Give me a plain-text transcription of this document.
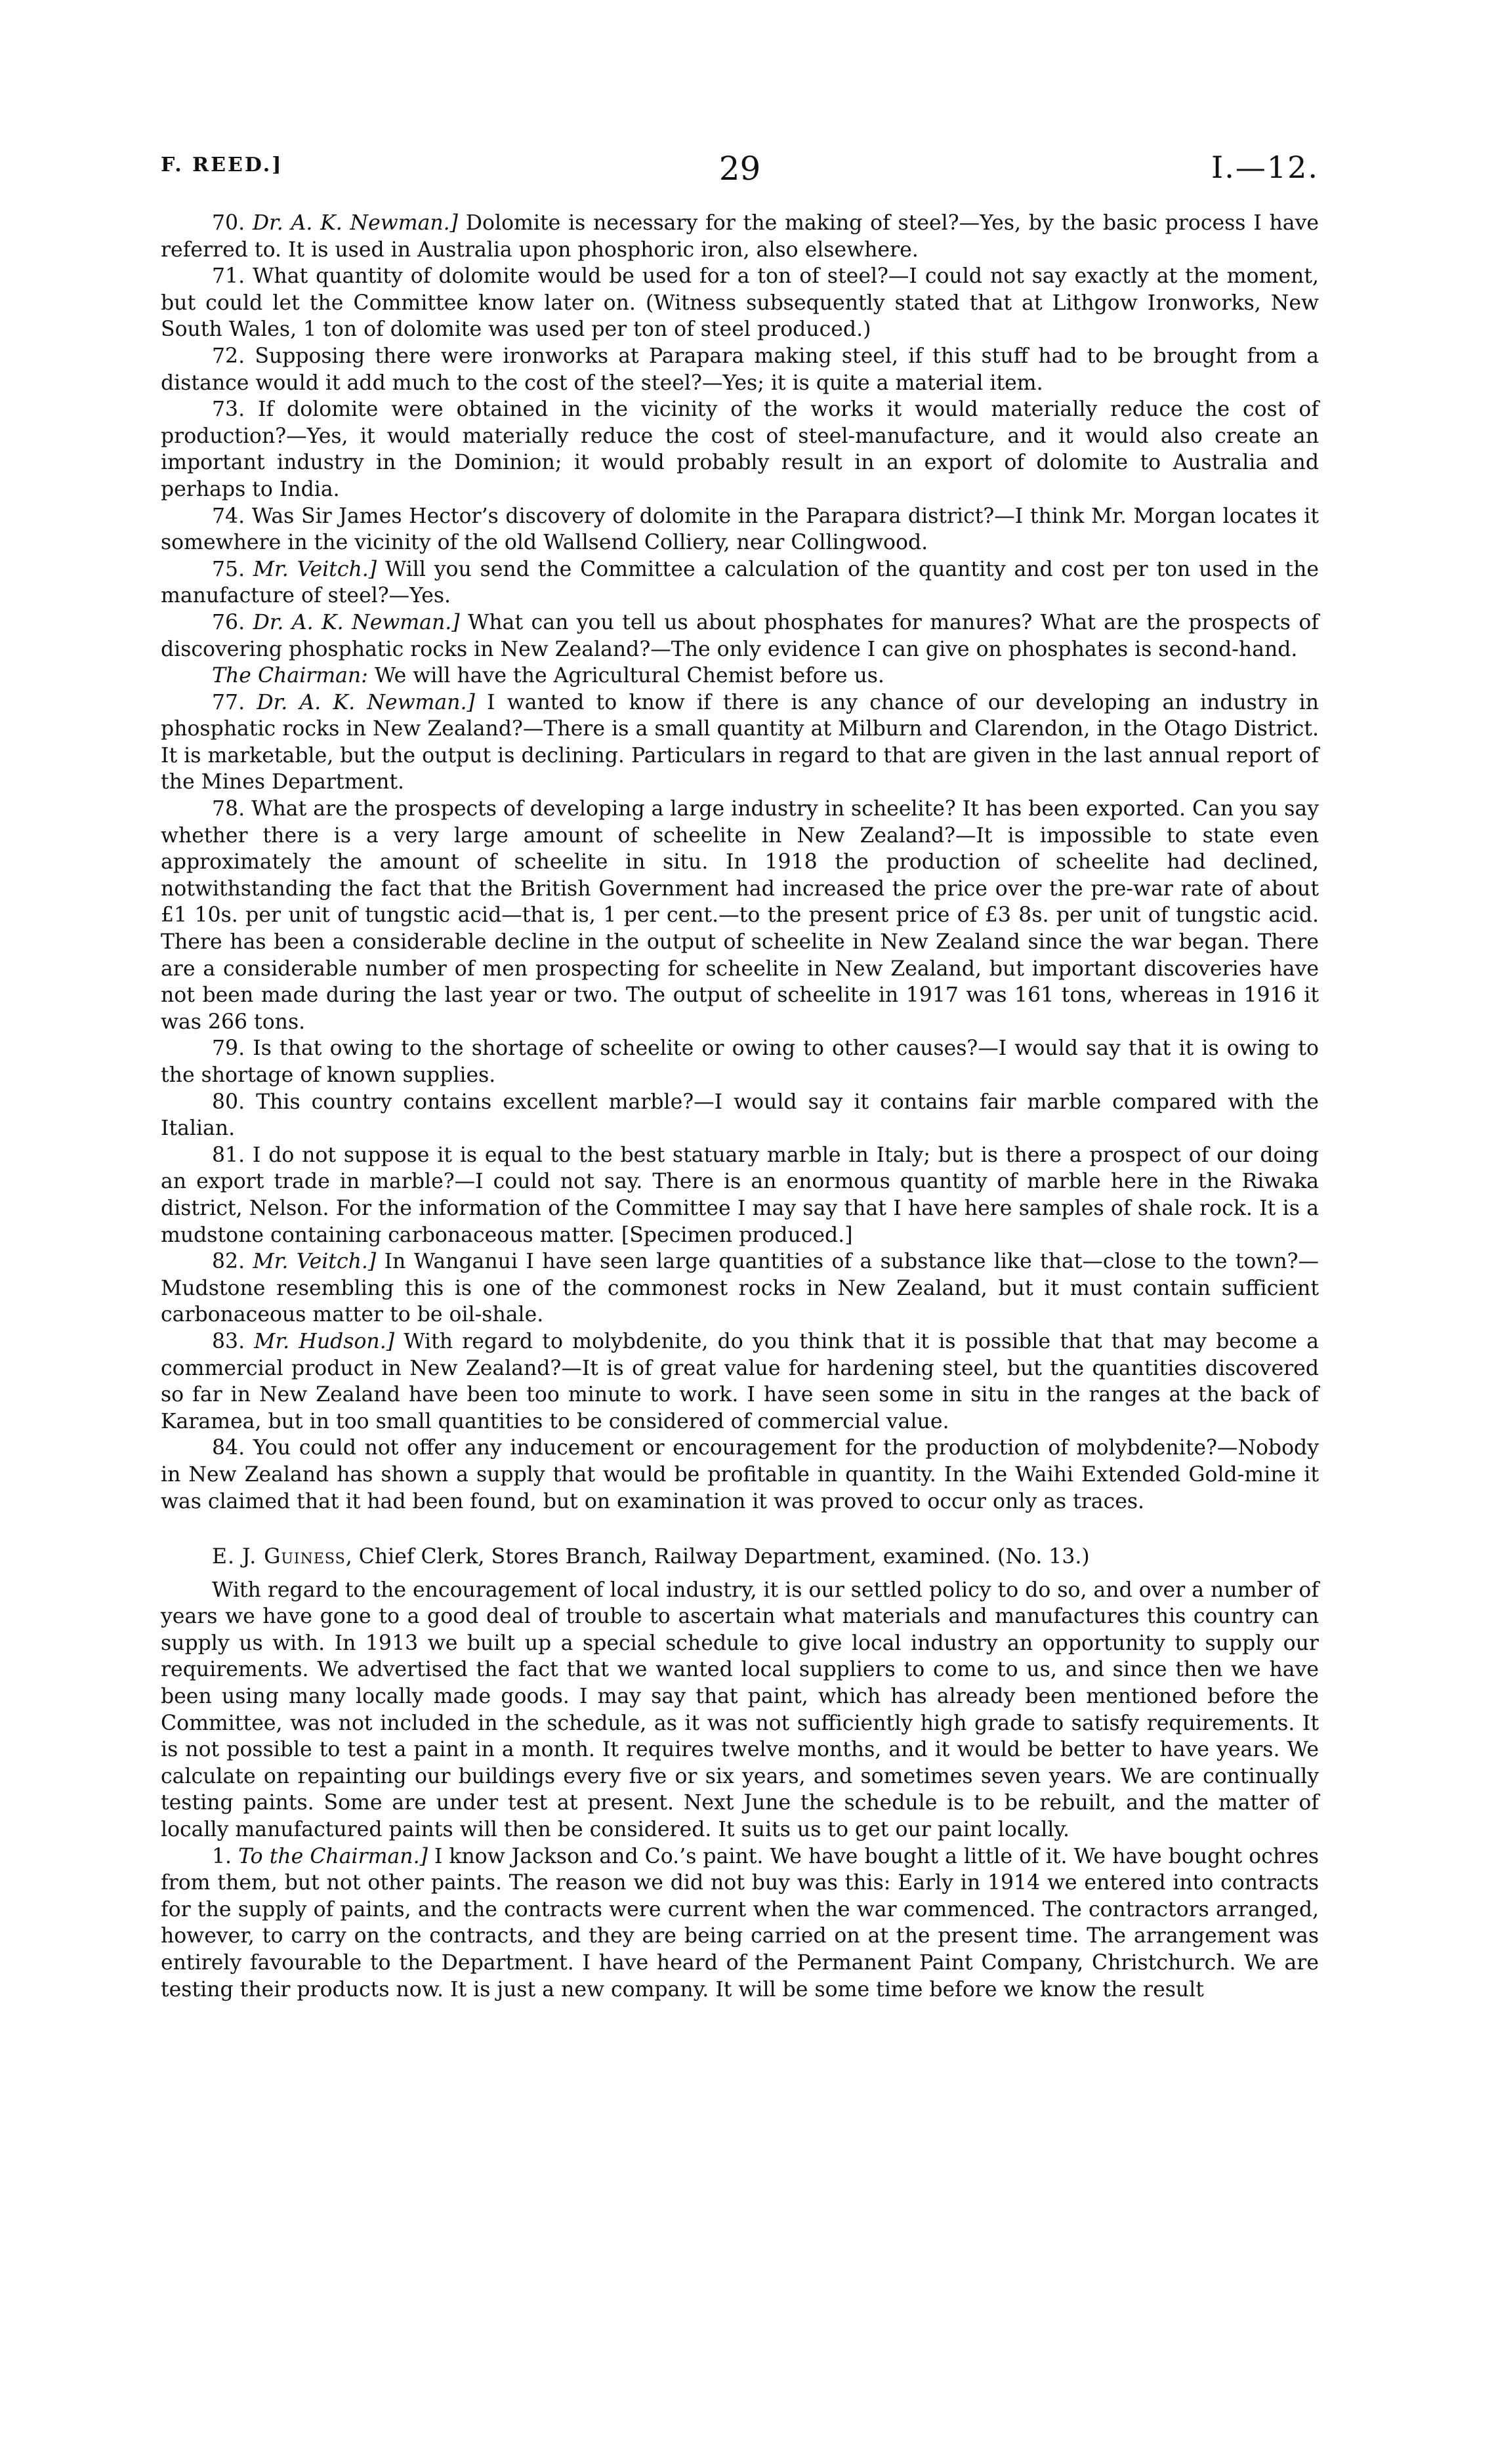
F. REED.]	29	I.—12.

70. Dr. A. K. Newman.] Dolomite is necessary for the making of steel?—Yes, by the basic process I have referred to. It is used in Australia upon phosphoric iron, also elsewhere.

71. What quantity of dolomite would be used for a ton of steel?—I could not say exactly at the moment, but could let the Committee know later on. (Witness subsequently stated that at Lithgow Ironworks, New South Wales, 1 ton of dolomite was used per ton of steel produced.)

72. Supposing there were ironworks at Parapara making steel, if this stuff had to be brought from a distance would it add much to the cost of the steel?—Yes; it is quite a material item.

73. If dolomite were obtained in the vicinity of the works it would materially reduce the cost of production?—Yes, it would materially reduce the cost of steel-manufacture, and it would also create an important industry in the Dominion; it would probably result in an export of dolomite to Australia and perhaps to India.

74. Was Sir James Hector’s discovery of dolomite in the Parapara district?—I think Mr. Morgan locates it somewhere in the vicinity of the old Wallsend Colliery, near Collingwood.

75. Mr. Veitch.] Will you send the Committee a calculation of the quantity and cost per ton used in the manufacture of steel?—Yes.

76. Dr. A. K. Newman.] What can you tell us about phosphates for manures? What are the prospects of discovering phosphatic rocks in New Zealand?—The only evidence I can give on phosphates is second-hand.

The Chairman: We will have the Agricultural Chemist before us.

77. Dr. A. K. Newman.] I wanted to know if there is any chance of our developing an industry in phosphatic rocks in New Zealand?—There is a small quantity at Milburn and Clarendon, in the Otago District. It is marketable, but the output is declining. Particulars in regard to that are given in the last annual report of the Mines Department.

78. What are the prospects of developing a large industry in scheelite? It has been exported. Can you say whether there is a very large amount of scheelite in New Zealand?—It is impossible to state even approximately the amount of scheelite in situ. In 1918 the production of scheelite had declined, notwithstanding the fact that the British Government had increased the price over the pre-war rate of about £1 10s. per unit of tungstic acid—that is, 1 per cent.—to the present price of £3 8s. per unit of tungstic acid. There has been a considerable decline in the output of scheelite in New Zealand since the war began. There are a considerable number of men prospecting for scheelite in New Zealand, but important discoveries have not been made during the last year or two. The output of scheelite in 1917 was 161 tons, whereas in 1916 it was 266 tons.

79. Is that owing to the shortage of scheelite or owing to other causes?—I would say that it is owing to the shortage of known supplies.

80. This country contains excellent marble?—I would say it contains fair marble compared with the Italian.

81. I do not suppose it is equal to the best statuary marble in Italy; but is there a prospect of our doing an export trade in marble?—I could not say. There is an enormous quantity of marble here in the Riwaka district, Nelson. For the information of the Committee I may say that I have here samples of shale rock. It is a mudstone containing carbonaceous matter. [Specimen produced.]

82. Mr. Veitch.] In Wanganui I have seen large quantities of a substance like that—close to the town?—Mudstone resembling this is one of the commonest rocks in New Zealand, but it must contain sufficient carbonaceous matter to be oil-shale.

83. Mr. Hudson.] With regard to molybdenite, do you think that it is possible that that may become a commercial product in New Zealand?—It is of great value for hardening steel, but the quantities discovered so far in New Zealand have been too minute to work. I have seen some in situ in the ranges at the back of Karamea, but in too small quantities to be considered of commercial value.

84. You could not offer any inducement or encouragement for the production of molybdenite?—Nobody in New Zealand has shown a supply that would be profitable in quantity. In the Waihi Extended Gold-mine it was claimed that it had been found, but on examination it was proved to occur only as traces.

E. J. Guiness, Chief Clerk, Stores Branch, Railway Department, examined. (No. 13.)

With regard to the encouragement of local industry, it is our settled policy to do so, and over a number of years we have gone to a good deal of trouble to ascertain what materials and manufactures this country can supply us with. In 1913 we built up a special schedule to give local industry an opportunity to supply our requirements. We advertised the fact that we wanted local suppliers to come to us, and since then we have been using many locally made goods. I may say that paint, which has already been mentioned before the Committee, was not included in the schedule, as it was not sufficiently high grade to satisfy requirements. It is not possible to test a paint in a month. It requires twelve months, and it would be better to have years. We calculate on repainting our buildings every five or six years, and sometimes seven years. We are continually testing paints. Some are under test at present. Next June the schedule is to be rebuilt, and the matter of locally manufactured paints will then be considered. It suits us to get our paint locally.

1. To the Chairman.] I know Jackson and Co.’s paint. We have bought a little of it. We have bought ochres from them, but not other paints. The reason we did not buy was this: Early in 1914 we entered into contracts for the supply of paints, and the contracts were current when the war commenced. The contractors arranged, however, to carry on the contracts, and they are being carried on at the present time. The arrangement was entirely favourable to the Department. I have heard of the Permanent Paint Company, Christchurch. We are testing their products now. It is just a new company. It will be some time before we know the result
